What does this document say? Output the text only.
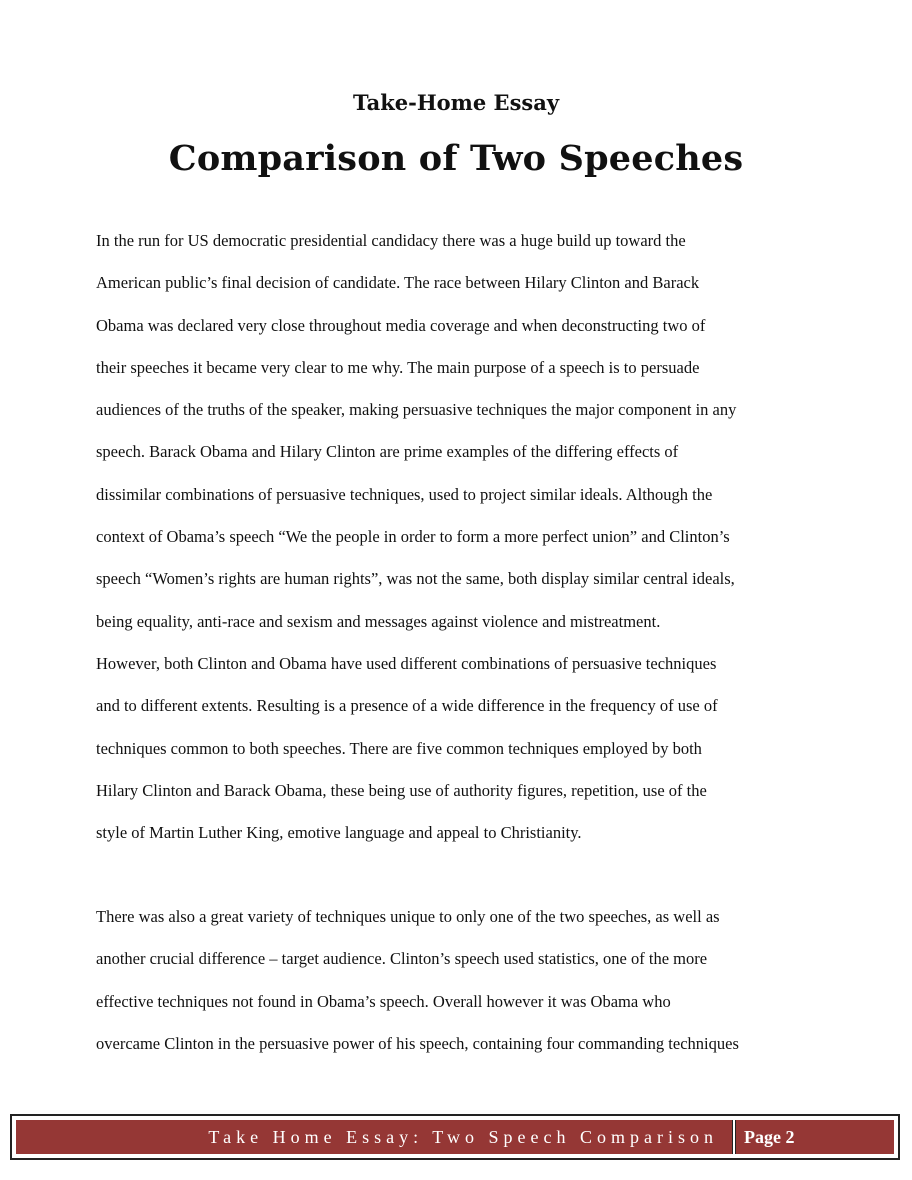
Take-Home Essay
Comparison of Two Speeches
In the run for US democratic presidential candidacy there was a huge build up toward the
American public’s final decision of candidate. The race between Hilary Clinton and Barack
Obama was declared very close throughout media coverage and when deconstructing two of
their speeches it became very clear to me why. The main purpose of a speech is to persuade
audiences of the truths of the speaker, making persuasive techniques the major component in any
speech. Barack Obama and Hilary Clinton are prime examples of the differing effects of
dissimilar combinations of persuasive techniques, used to project similar ideals. Although the
context of Obama’s speech “We the people in order to form a more perfect union” and Clinton’s
speech “Women’s rights are human rights”, was not the same, both display similar central ideals,
being equality, anti-race and sexism and messages against violence and mistreatment.
However, both Clinton and Obama have used different combinations of persuasive techniques
and to different extents. Resulting is a presence of a wide difference in the frequency of use of
techniques common to both speeches. There are five common techniques employed by both
Hilary Clinton and Barack Obama, these being use of authority figures, repetition, use of the
style of Martin Luther King, emotive language and appeal to Christianity.
There was also a great variety of techniques unique to only one of the two speeches, as well as
another crucial difference – target audience. Clinton’s speech used statistics, one of the more
effective techniques not found in Obama’s speech. Overall however it was Obama who
overcame Clinton in the persuasive power of his speech, containing four commanding techniques
Take Home Essay: Two Speech Comparison	Page 2
